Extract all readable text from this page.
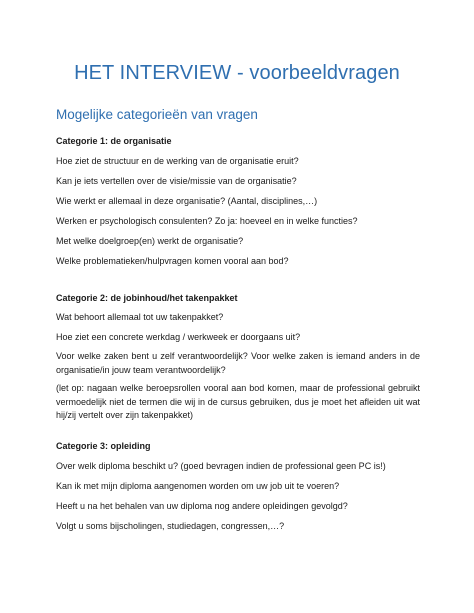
HET INTERVIEW - voorbeeldvragen
Mogelijke categorieën van vragen
Categorie 1: de organisatie
Hoe ziet de structuur en de werking van de organisatie eruit?
Kan je iets vertellen over de visie/missie van de organisatie?
Wie werkt er allemaal in deze organisatie? (Aantal, disciplines,…)
Werken er psychologisch consulenten? Zo ja: hoeveel en in welke functies?
Met welke doelgroep(en) werkt de organisatie?
Welke problematieken/hulpvragen komen vooral aan bod?
Categorie 2: de jobinhoud/het takenpakket
Wat behoort allemaal tot uw takenpakket?
Hoe ziet een concrete werkdag / werkweek er doorgaans uit?
Voor welke zaken bent u zelf verantwoordelijk? Voor welke zaken is iemand anders in de organisatie/in jouw team verantwoordelijk?
(let op: nagaan welke beroepsrollen vooral aan bod komen, maar de professional gebruikt vermoedelijk niet de termen die wij in de cursus gebruiken, dus je moet het afleiden uit wat hij/zij vertelt over zijn takenpakket)
Categorie 3: opleiding
Over welk diploma beschikt u? (goed bevragen indien de professional geen PC is!)
Kan ik met mijn diploma aangenomen worden om uw job uit te voeren?
Heeft u na het behalen van uw diploma nog andere opleidingen gevolgd?
Volgt u soms bijscholingen, studiedagen, congressen,…?
